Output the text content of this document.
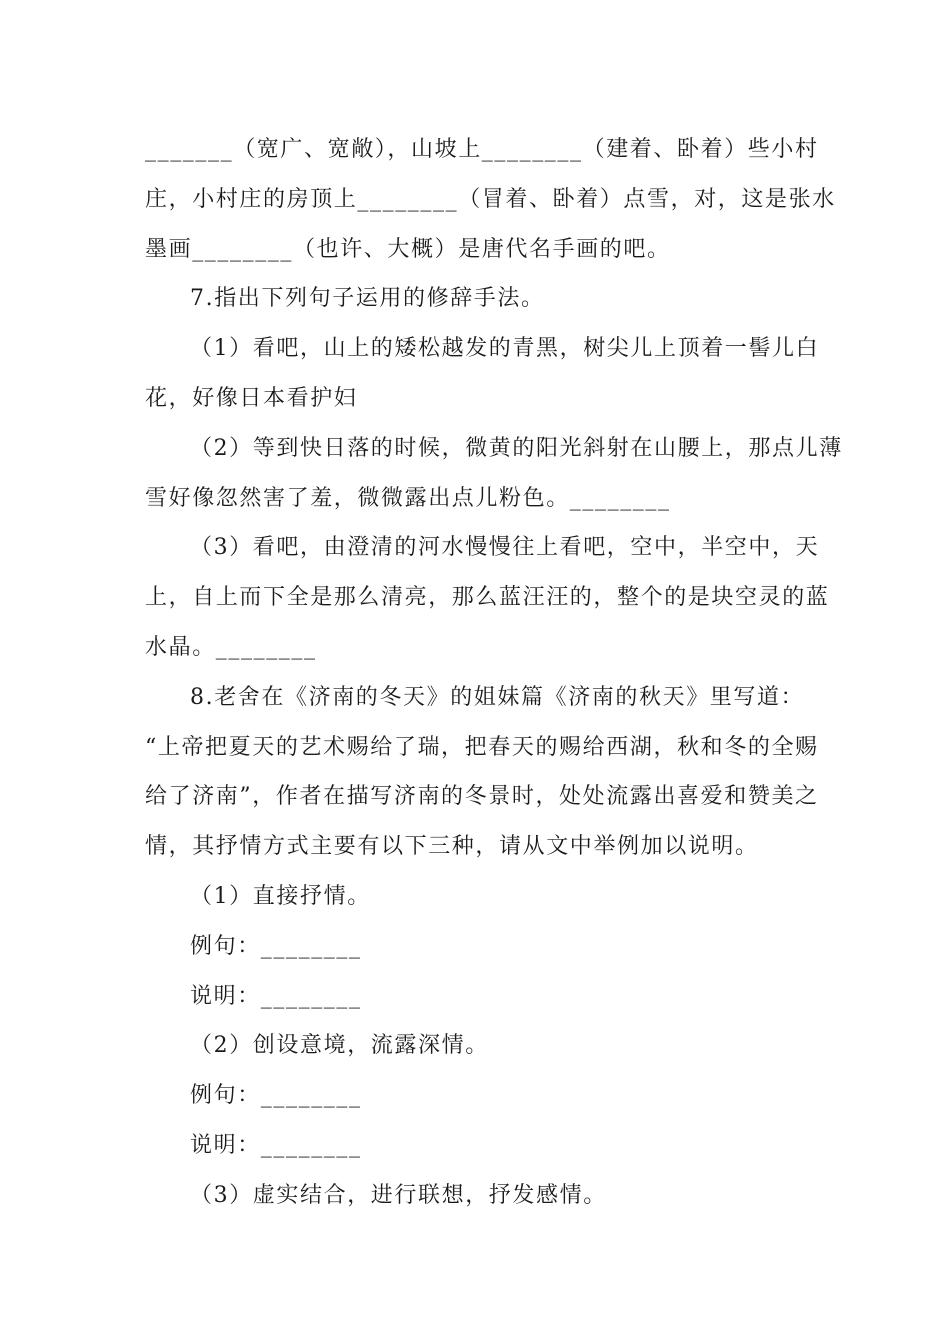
_______（宽广、宽敞），山坡上________（建着、卧着）些小村
庄，小村庄的房顶上________（冒着、卧着）点雪，对，这是张水
墨画________（也许、大概）是唐代名手画的吧。
7.指出下列句子运用的修辞手法。
（1）看吧，山上的矮松越发的青黑，树尖儿上顶着一髻儿白
花，好像日本看护妇
（2）等到快日落的时候，微黄的阳光斜射在山腰上，那点儿薄
雪好像忽然害了羞，微微露出点儿粉色。________
（3）看吧，由澄清的河水慢慢往上看吧，空中，半空中，天
上，自上而下全是那么清亮，那么蓝汪汪的，整个的是块空灵的蓝
水晶。________
8.老舍在《济南的冬天》的姐妹篇《济南的秋天》里写道：
“上帝把夏天的艺术赐给了瑞，把春天的赐给西湖，秋和冬的全赐
给了济南”，作者在描写济南的冬景时，处处流露出喜爱和赞美之
情，其抒情方式主要有以下三种，请从文中举例加以说明。
（1）直接抒情。
例句：________
说明：________
（2）创设意境，流露深情。
例句：________
说明：________
（3）虚实结合，进行联想，抒发感情。
